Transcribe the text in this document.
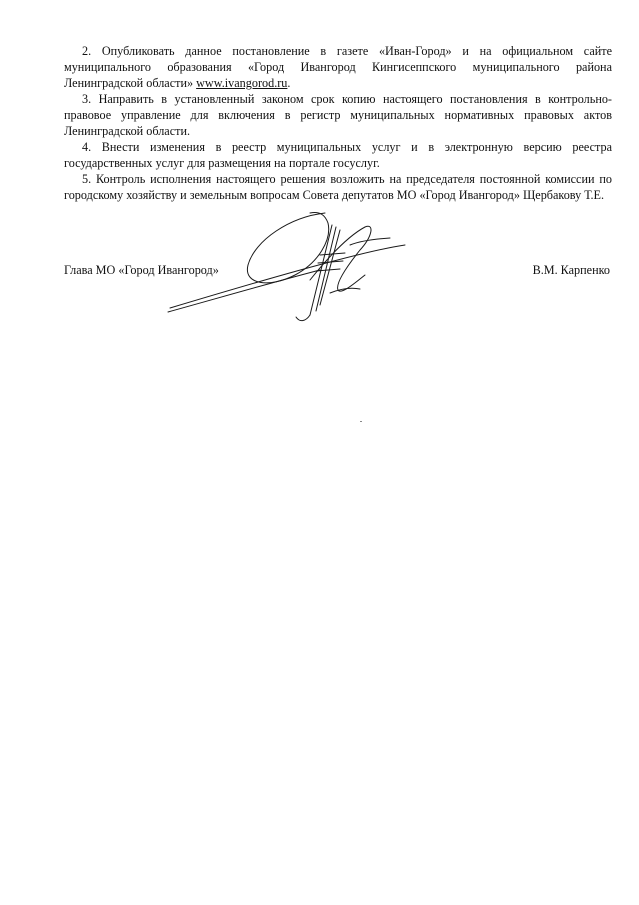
2. Опубликовать данное постановление в газете «Иван-Город» и на официальном сайте муниципального образования «Город Ивангород Кингисеппского муниципального района Ленинградской области» www.ivangorod.ru.

3. Направить в установленный законом срок копию настоящего постановления в контрольно-правовое управление для включения в регистр муниципальных нормативных правовых актов Ленинградской области.

4. Внести изменения в реестр муниципальных услуг и в электронную версию реестра государственных услуг для размещения на портале госуслуг.

5. Контроль исполнения настоящего решения возложить на председателя постоянной комиссии по городскому хозяйству и земельным вопросам Совета депутатов МО «Город Ивангород» Щербакову Т.Е.

Глава МО «Город Ивангород»	В.М. Карпенко
